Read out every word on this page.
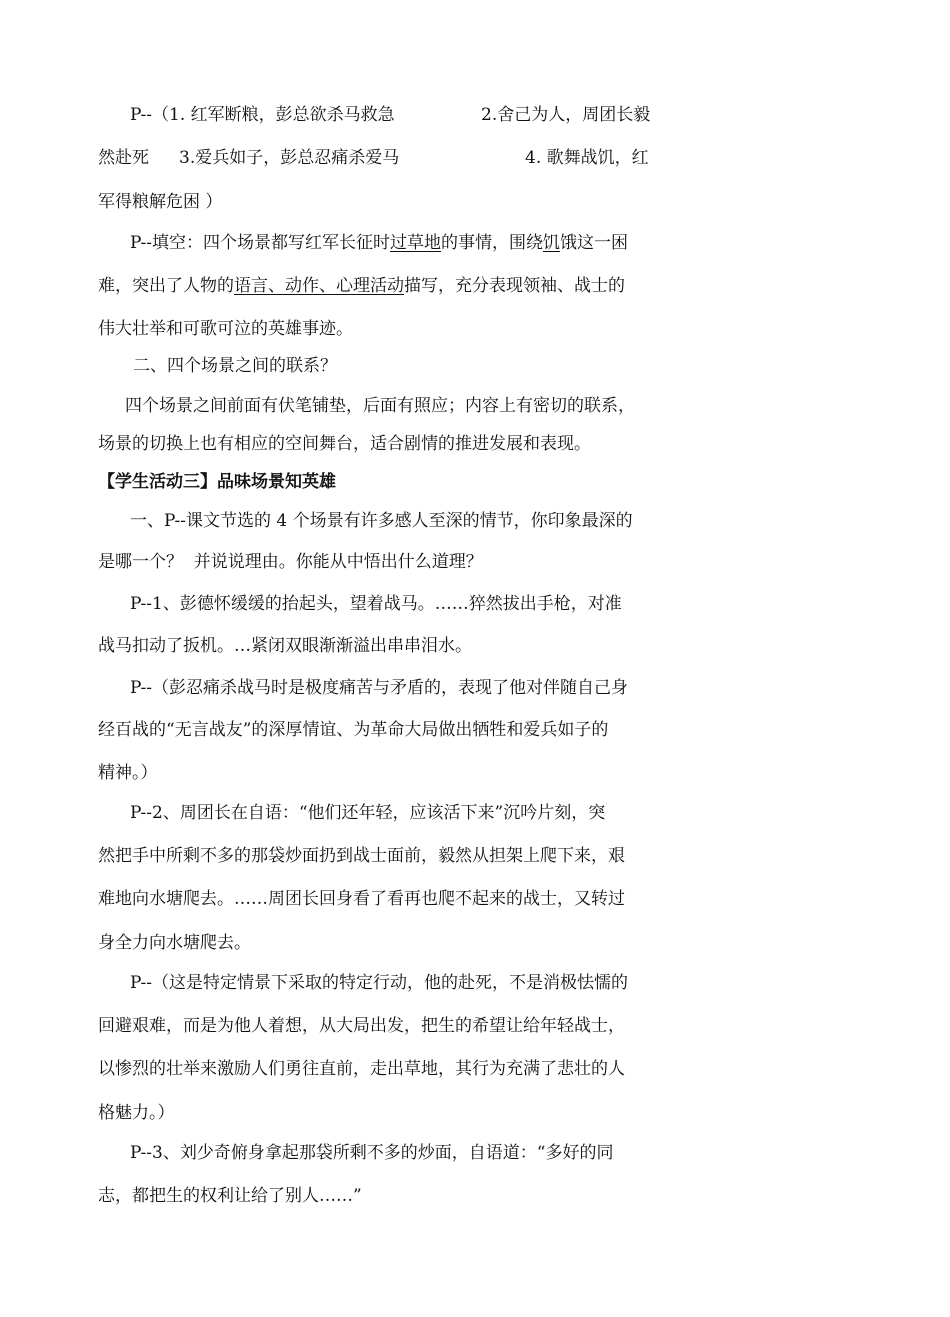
P--（1. 红军断粮，彭总欲杀马救急	2.舍己为人，周团长毅
然赴死 3.爱兵如子，彭总忍痛杀爱马	4. 歌舞战饥，红
军得粮解危困 ）
P--填空：四个场景都写红军长征时过草地的事情，围绕饥饿这一困
难，突出了人物的语言、动作、心理活动描写，充分表现领袖、战士的
伟大壮举和可歌可泣的英雄事迹。
二、四个场景之间的联系？
四个场景之间前面有伏笔铺垫，后面有照应；内容上有密切的联系，
场景的切换上也有相应的空间舞台，适合剧情的推进发展和表现。
【学生活动三】品味场景知英雄
一、P--课文节选的 4 个场景有许多感人至深的情节，你印象最深的
是哪一个？  并说说理由。你能从中悟出什么道理？
P--1、彭德怀缓缓的抬起头，望着战马。……猝然拔出手枪，对准
战马扣动了扳机。…紧闭双眼渐渐溢出串串泪水。
P--（彭忍痛杀战马时是极度痛苦与矛盾的，表现了他对伴随自己身
经百战的“无言战友”的深厚情谊、为革命大局做出牺牲和爱兵如子的
精神。）
P--2、周团长在自语：“他们还年轻，应该活下来”沉吟片刻，突
然把手中所剩不多的那袋炒面扔到战士面前，毅然从担架上爬下来，艰
难地向水塘爬去。……周团长回身看了看再也爬不起来的战士，又转过
身全力向水塘爬去。
P--（这是特定情景下采取的特定行动，他的赴死，不是消极怯懦的
回避艰难，而是为他人着想，从大局出发，把生的希望让给年轻战士，
以惨烈的壮举来激励人们勇往直前，走出草地，其行为充满了悲壮的人
格魅力。）
P--3、刘少奇俯身拿起那袋所剩不多的炒面，自语道：“多好的同
志，都把生的权利让给了别人……”
